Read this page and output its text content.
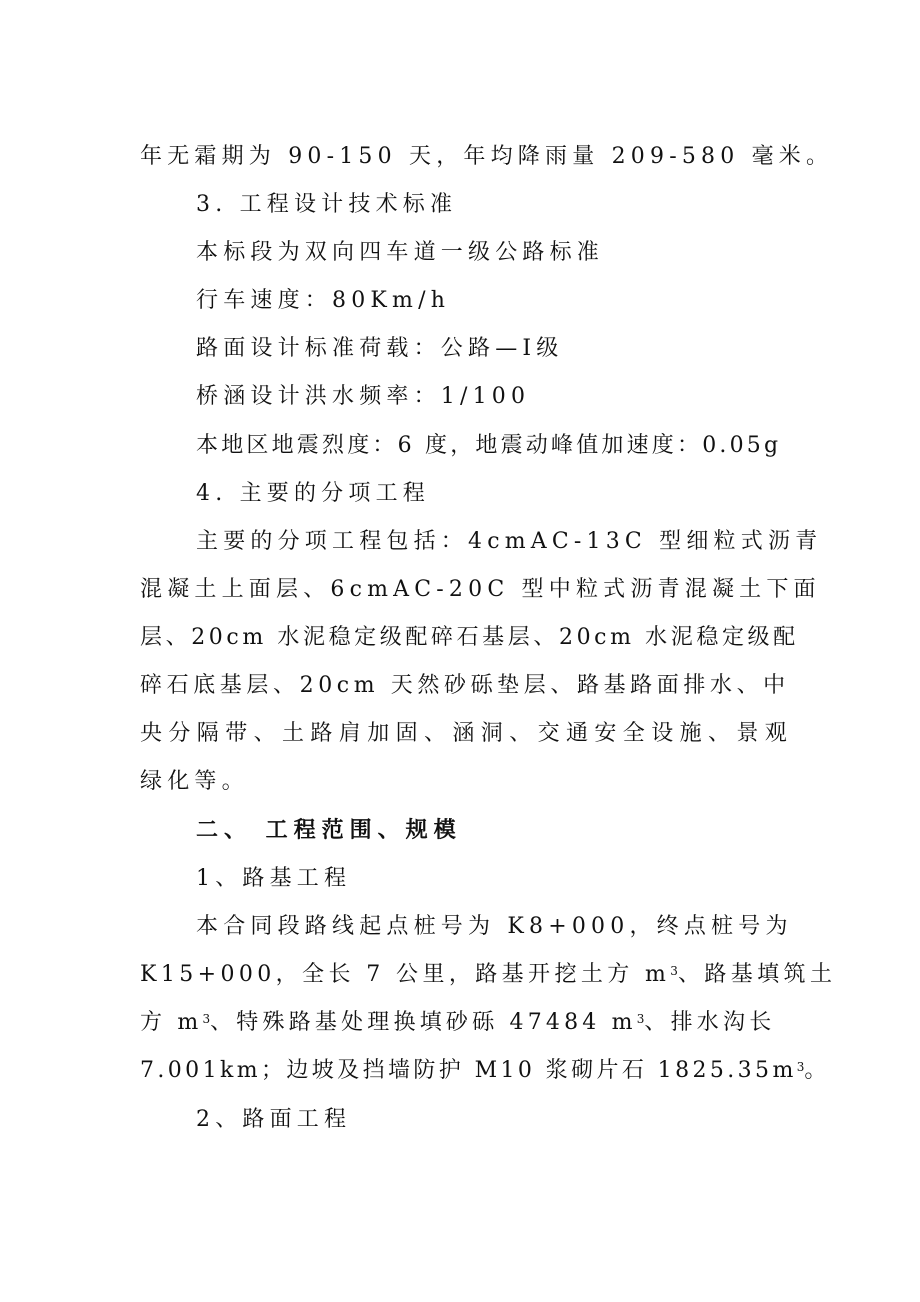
年无霜期为 90-150 天，年均降雨量 209-580 毫米。
3. 工程设计技术标准
本标段为双向四车道一级公路标准
行车速度：80Km/h
路面设计标准荷载：公路—Ⅰ级
桥涵设计洪水频率：1/100
本地区地震烈度：6 度，地震动峰值加速度：0.05g
4. 主要的分项工程
主要的分项工程包括：4cmAC-13C 型细粒式沥青
混凝土上面层、6cmAC-20C 型中粒式沥青混凝土下面
层、20cm 水泥稳定级配碎石基层、20cm 水泥稳定级配
碎石底基层、20cm 天然砂砾垫层、路基路面排水、中
央分隔带、土路肩加固、涵洞、交通安全设施、景观
绿化等。
二、 工程范围、规模
1、路基工程
本合同段路线起点桩号为 K8+000，终点桩号为
K15+000，全长 7 公里，路基开挖土方 $m^3$、路基填筑土
方 $m^3$、特殊路基处理换填砂砾 47484 $m^3$、排水沟长
7.001km；边坡及挡墙防护 M10 浆砌片石 $1825.35m^3$。
2、路面工程
